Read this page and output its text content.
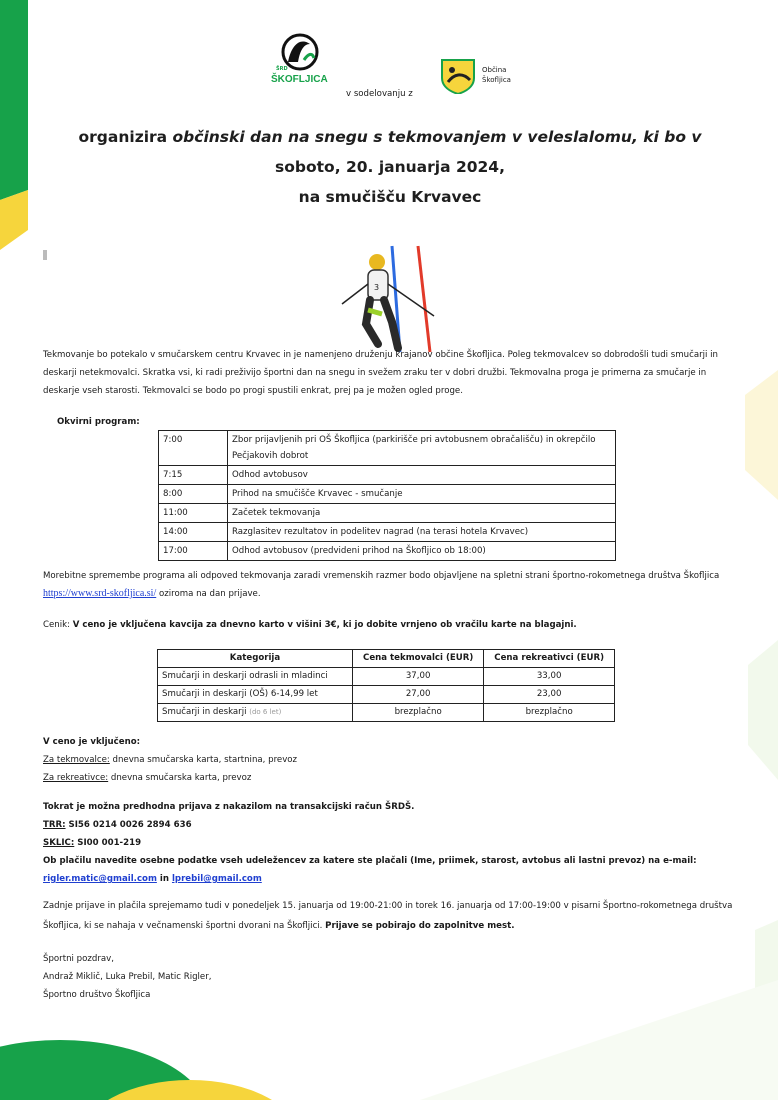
ŠRD
ŠKOFLJICA
v sodelovanju z
Občina
Škofljica
organizira občinski dan na snegu s tekmovanjem v veleslalomu, ki bo v
soboto, 20. januarja 2024,
na smučišču Krvavec
3
Tekmovanje bo potekalo v smučarskem centru Krvavec in je namenjeno druženju krajanov občine Škofljica. Poleg tekmovalcev so dobrodošli tudi smučarji in deskarji netekmovalci. Skratka vsi, ki radi preživijo športni dan na snegu in svežem zraku ter v dobri družbi. Tekmovalna proga je primerna za smučarje in deskarje vseh starosti. Tekmovalci se bodo po progi spustili enkrat, prej pa je možen ogled proge.
Okvirni program:
7:00	Zbor prijavljenih pri OŠ Škofljica (parkirišče pri avtobusnem obračališču) in okrepčilo Pečjakovih dobrot
7:15	Odhod avtobusov
8:00	Prihod na smučišče Krvavec - smučanje
11:00	Začetek tekmovanja
14:00	Razglasitev rezultatov in podelitev nagrad (na terasi hotela Krvavec)
17:00	Odhod avtobusov (predvideni prihod na Škofljico ob 18:00)
Morebitne spremembe programa ali odpoved tekmovanja zaradi vremenskih razmer bodo objavljene na spletni strani športno-rokometnega društva Škofljica https://www.srd-skofljica.si/ oziroma na dan prijave.
Cenik: V ceno je vključena kavcija za dnevno karto v višini 3€, ki jo dobite vrnjeno ob vračilu karte na blagajni.
Kategorija	Cena tekmovalci (EUR)	Cena rekreativci (EUR)
Smučarji in deskarji odrasli in mladinci	37,00	33,00
Smučarji in deskarji (OŠ) 6-14,99 let	27,00	23,00
Smučarji in deskarji (do 6 let)	brezplačno	brezplačno
V ceno je vključeno:
Za tekmovalce: dnevna smučarska karta, startnina, prevoz
Za rekreativce: dnevna smučarska karta, prevoz
Tokrat je možna predhodna prijava z nakazilom na transakcijski račun ŠRDŠ.
TRR: SI56 0214 0026 2894 636
SKLIC: SI00 001-219
Ob plačilu navedite osebne podatke vseh udeležencev za katere ste plačali (Ime, priimek, starost, avtobus ali lastni prevoz) na e-mail:
rigler.matic@gmail.com in lprebil@gmail.com
Zadnje prijave in plačila sprejemamo tudi v ponedeljek 15. januarja od 19:00-21:00 in torek 16. januarja od 17:00-19:00 v pisarni Športno-rokometnega društva Škofljica, ki se nahaja v večnamenski športni dvorani na Škofljici. Prijave se pobirajo do zapolnitve mest.
Športni pozdrav,
Andraž Miklič, Luka Prebil, Matic Rigler,
Športno društvo Škofljica
